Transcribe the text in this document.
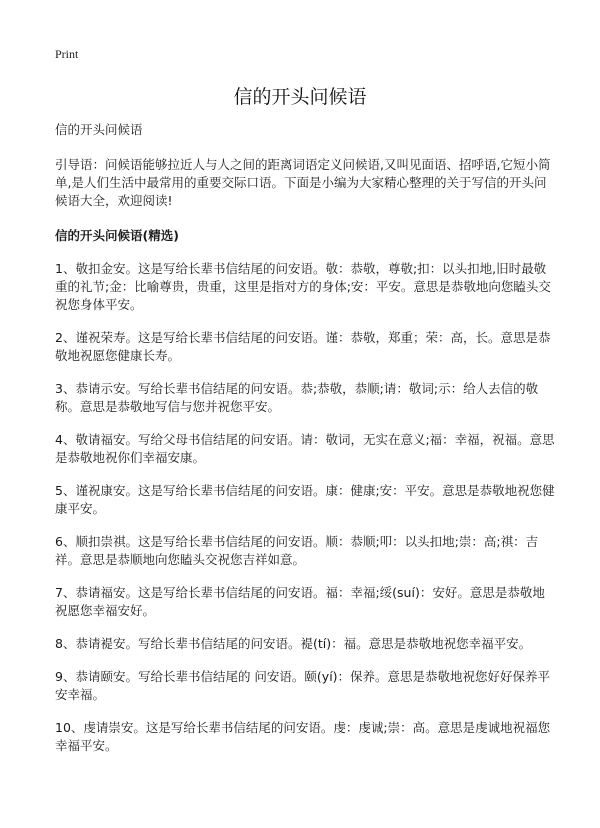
Print
信的开头问候语

信的开头问候语

引导语：问候语能够拉近人与人之间的距离词语定义问候语,又叫见面语、招呼语,它短小简单,是人们生活中最常用的重要交际口语。下面是小编为大家精心整理的关于写信的开头问候语大全，欢迎阅读!

信的开头问候语(精选)

1、敬扣金安。这是写给长辈书信结尾的问安语。敬：恭敬，尊敬;扣：以头扣地,旧时最敬重的礼节;金：比喻尊贵，贵重，这里是指对方的身体;安：平安。意思是恭敬地向您瞌头交祝您身体平安。

2、谨祝荣寿。这是写给长辈书信结尾的问安语。谨：恭敬，郑重；荣：高，长。意思是恭敬地祝愿您健康长寿。

3、恭请示安。写给长辈书信结尾的问安语。恭;恭敬，恭顺;请：敬词;示：给人去信的敬称。意思是恭敬地写信与您并祝您平安。

4、敬请福安。写给父母书信结尾的问安语。请：敬词，无实在意义;福：幸福，祝福。意思是恭敬地祝你们幸福安康。

5、谨祝康安。这是写给长辈书信结尾的问安语。康：健康;安：平安。意思是恭敬地祝您健康平安。

6、顺扣崇祺。这是写给长辈书信结尾的问安语。顺：恭顺;叩：以头扣地;崇：高;祺：吉祥。意思是恭顺地向您瞌头交祝您吉祥如意。

7、恭请福安。这是写给长辈书信结尾的问安语。福：幸福;绥(suí)：安好。意思是恭敬地祝愿您幸福安好。

8、恭请褆安。写给长辈书信结尾的问安语。褆(tí)：福。意思是恭敬地祝您幸福平安。

9、恭请颐安。写给长辈书信结尾的 问安语。颐(yí)：保养。意思是恭敬地祝您好好保养平安幸福。

10、虔请崇安。这是写给长辈书信结尾的问安语。虔：虔诚;崇：高。意思是虔诚地祝福您幸福平安。
